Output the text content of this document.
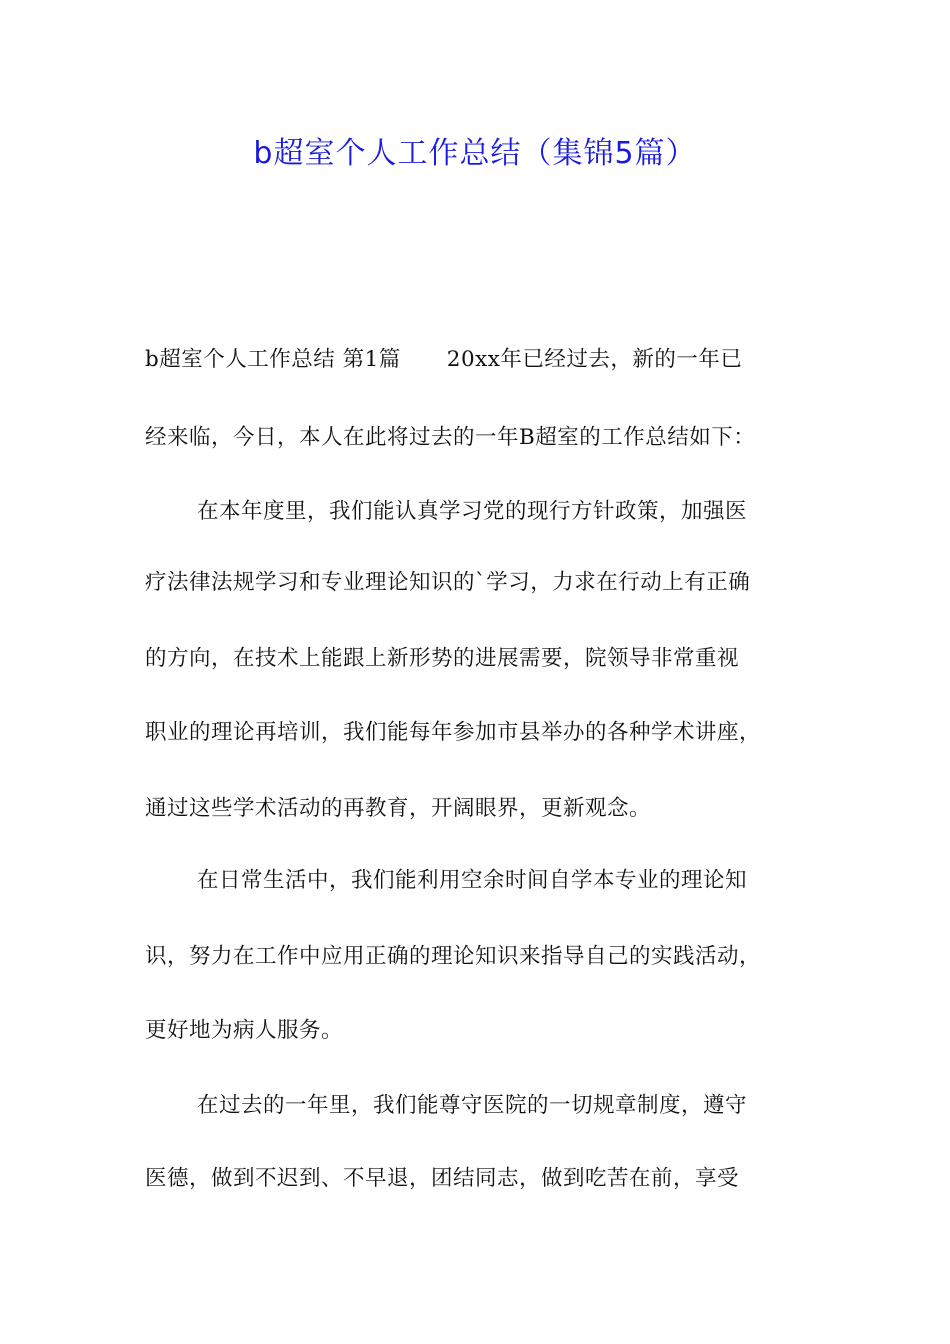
b超室个人工作总结（集锦5篇）
b超室个人工作总结 第1篇 20xx年已经过去，新的一年已
经来临，今日，本人在此将过去的一年B超室的工作总结如下：
在本年度里，我们能认真学习党的现行方针政策，加强医
疗法律法规学习和专业理论知识的`学习，力求在行动上有正确
的方向，在技术上能跟上新形势的进展需要，院领导非常重视
职业的理论再培训，我们能每年参加市县举办的各种学术讲座，
通过这些学术活动的再教育，开阔眼界，更新观念。
在日常生活中，我们能利用空余时间自学本专业的理论知
识，努力在工作中应用正确的理论知识来指导自己的实践活动，
更好地为病人服务。
在过去的一年里，我们能尊守医院的一切规章制度，遵守
医德，做到不迟到、不早退，团结同志，做到吃苦在前，享受
